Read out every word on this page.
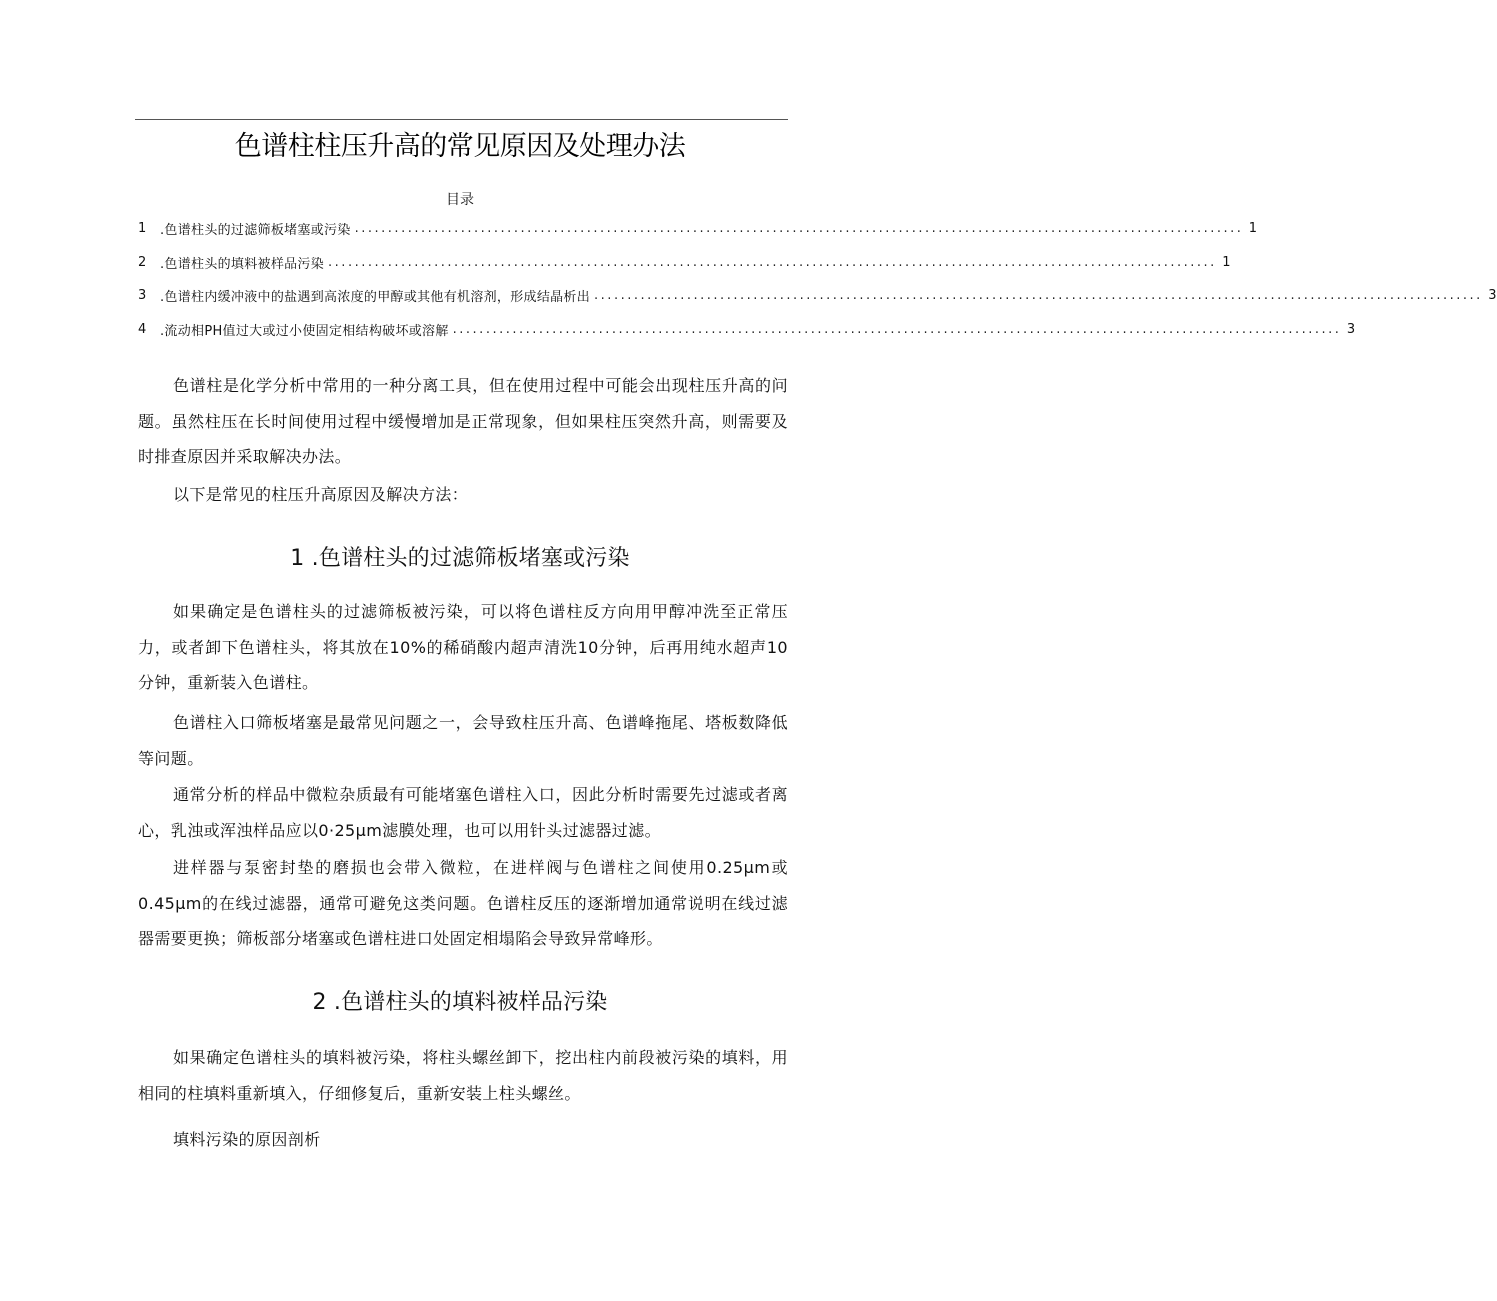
色谱柱柱压升高的常见原因及处理办法
目录
1	.色谱柱头的过滤筛板堵塞或污染 ...................................................................................................................................... 1
2	.色谱柱头的填料被样品污染 ...................................................................................................................................... 1
3	.色谱柱内缓冲液中的盐遇到高浓度的甲醇或其他有机溶剂，形成结晶析出 ...................................................................................................................................... 3
4	.流动相PH值过大或过小使固定相结构破坏或溶解 ...................................................................................................................................... 3

色谱柱是化学分析中常用的一种分离工具，但在使用过程中可能会出现柱压升高的问题。虽然柱压在长时间使用过程中缓慢增加是正常现象，但如果柱压突然升高，则需要及时排查原因并采取解决办法。

以下是常见的柱压升高原因及解决方法：

1 .色谱柱头的过滤筛板堵塞或污染

如果确定是色谱柱头的过滤筛板被污染，可以将色谱柱反方向用甲醇冲洗至正常压力，或者卸下色谱柱头，将其放在10%的稀硝酸内超声清洗10分钟，后再用纯水超声10分钟，重新装入色谱柱。

色谱柱入口筛板堵塞是最常见问题之一，会导致柱压升高、色谱峰拖尾、塔板数降低等问题。

通常分析的样品中微粒杂质最有可能堵塞色谱柱入口，因此分析时需要先过滤或者离心，乳浊或浑浊样品应以0·25μm滤膜处理，也可以用针头过滤器过滤。

进样器与泵密封垫的磨损也会带入微粒，在进样阀与色谱柱之间使用0.25μm或0.45μm的在线过滤器，通常可避免这类问题。色谱柱反压的逐渐增加通常说明在线过滤器需要更换；筛板部分堵塞或色谱柱进口处固定相塌陷会导致异常峰形。

2 .色谱柱头的填料被样品污染

如果确定色谱柱头的填料被污染，将柱头螺丝卸下，挖出柱内前段被污染的填料，用相同的柱填料重新填入，仔细修复后，重新安装上柱头螺丝。

填料污染的原因剖析
